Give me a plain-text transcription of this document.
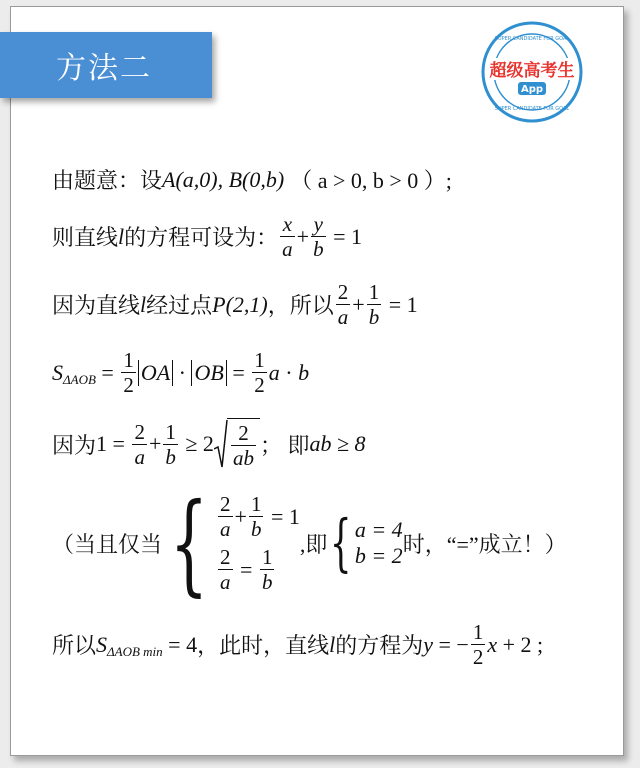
方法二	超级高考生
App
SUPER CANDIDATE FOR GOAL
SUPER CANDIDATE FOR GOAL
由题意：设 A(a,0), B(0,b) （ a > 0, b > 0 ）;
则直线 l 的方程可设为： $\frac{x}{a} + \frac{y}{b} = 1$
因为直线 l 经过点 P(2,1) ，所以 $\frac{2}{a} + \frac{1}{b} = 1$
S $\Delta AOB = \frac{1}{2}$ OA · OB = $\frac{1}{2}$ a · b
因为 $1 = \frac{2}{a} + \frac{1}{b} \ge 2 \frac{2}{ab}$ ； 即 ab ≥ 8
（当且仅当 { $\frac{2}{a} + \frac{1}{b} = 1$
$\frac{2}{a} = \frac{1}{b}$
,即 { a = 4
b = 2 时，“=”成立！）
所以 S ΔAOB min = 4 ，此时，直线 l 的方程为 y = − $\frac{1}{2}$ x + 2 ;
